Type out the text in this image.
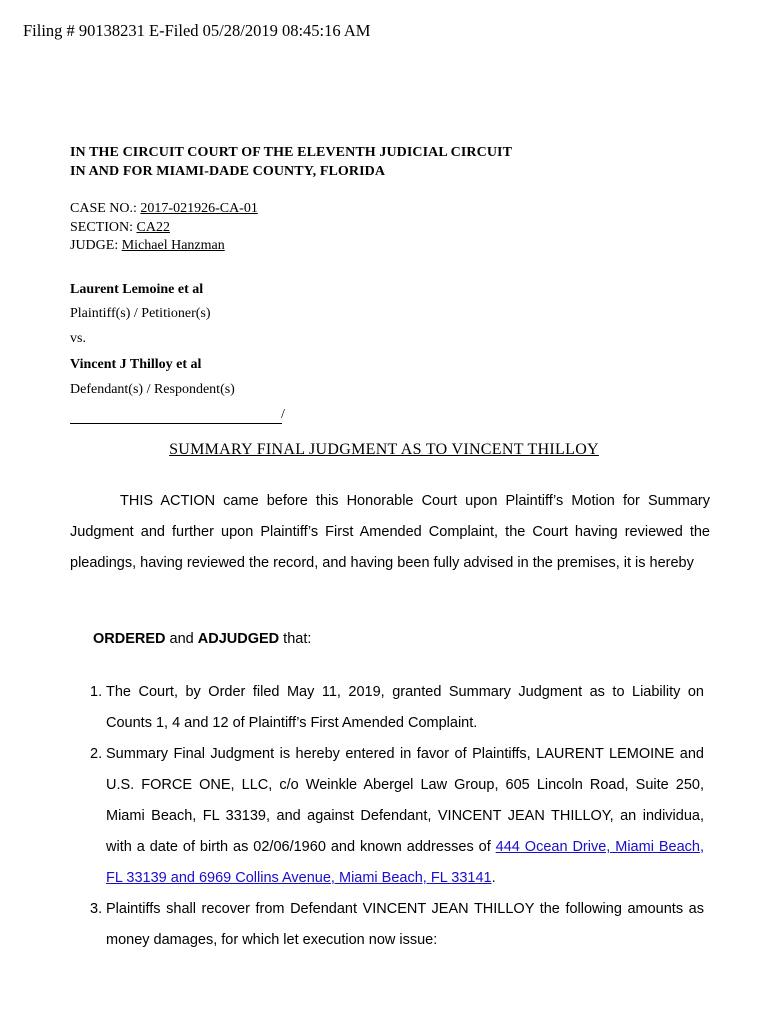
Filing # 90138231 E-Filed 05/28/2019 08:45:16 AM
IN THE CIRCUIT COURT OF THE ELEVENTH JUDICIAL CIRCUIT
IN AND FOR MIAMI-DADE COUNTY, FLORIDA
CASE NO.: 2017-021926-CA-01
SECTION: CA22
JUDGE: Michael Hanzman
Laurent Lemoine et al
Plaintiff(s) / Petitioner(s)
vs.
Vincent J Thilloy et al
Defendant(s) / Respondent(s)
/
SUMMARY FINAL JUDGMENT AS TO VINCENT THILLOY
THIS ACTION came before this Honorable Court upon Plaintiff’s Motion for Summary Judgment and further upon Plaintiff’s First Amended Complaint, the Court having reviewed the pleadings, having reviewed the record, and having been fully advised in the premises, it is hereby
ORDERED and ADJUDGED that:
1. The Court, by Order filed May 11, 2019, granted Summary Judgment as to Liability on Counts 1, 4 and 12 of Plaintiff’s First Amended Complaint.
2. Summary Final Judgment is hereby entered in favor of Plaintiffs, LAURENT LEMOINE and U.S. FORCE ONE, LLC, c/o Weinkle Abergel Law Group, 605 Lincoln Road, Suite 250, Miami Beach, FL 33139, and against Defendant, VINCENT JEAN THILLOY, an individua, with a date of birth as 02/06/1960 and known addresses of 444 Ocean Drive, Miami Beach, FL 33139 and 6969 Collins Avenue, Miami Beach, FL 33141.
3. Plaintiffs shall recover from Defendant VINCENT JEAN THILLOY the following amounts as money damages, for which let execution now issue:
